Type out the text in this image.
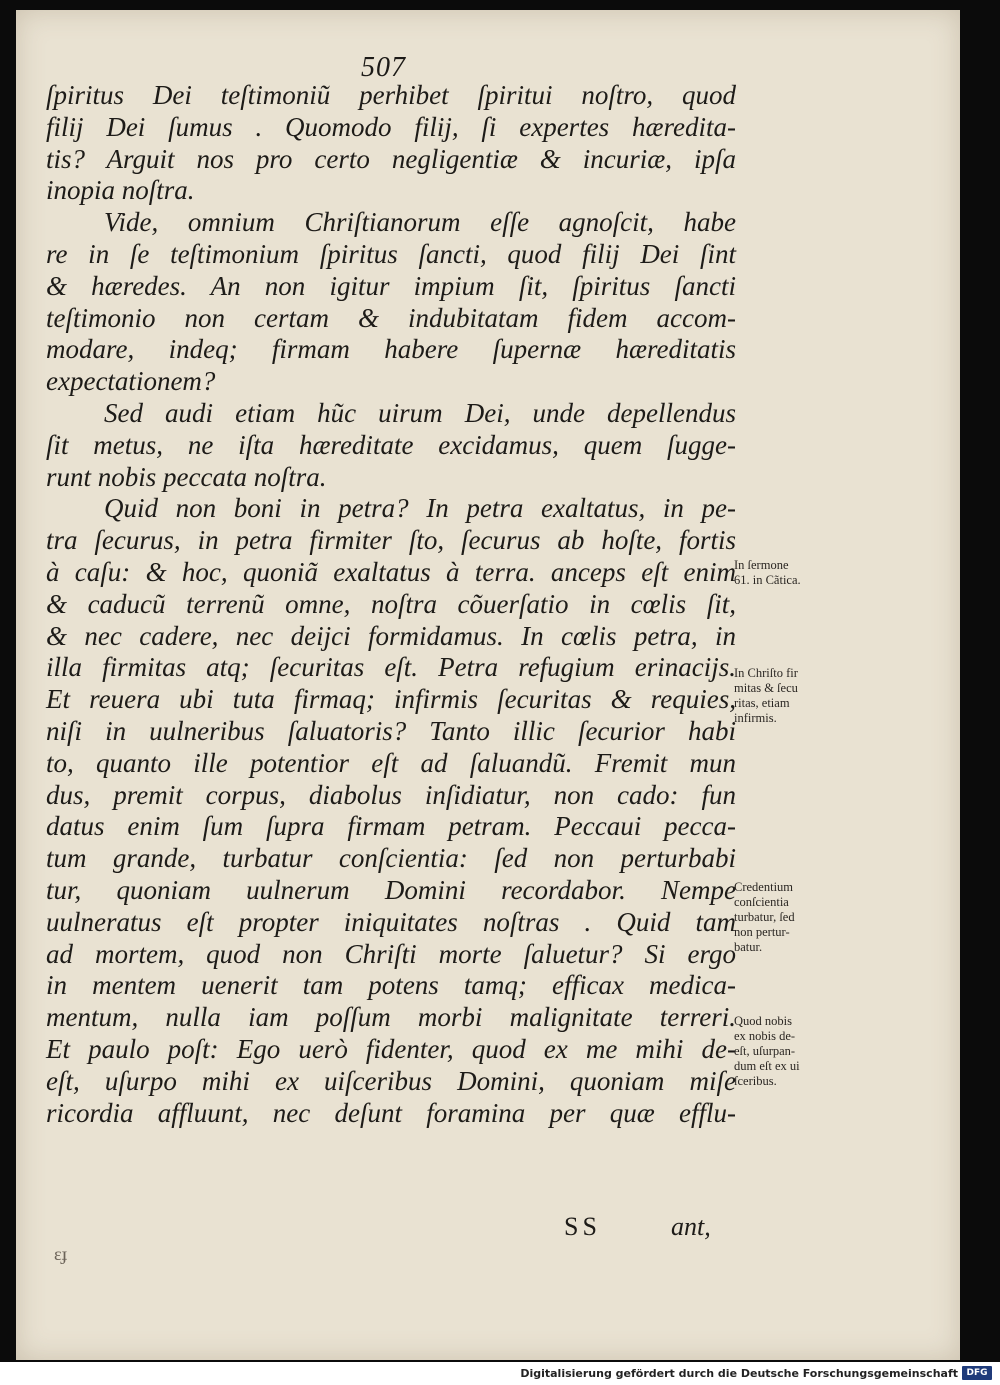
507
ſpiritus Dei teſtimoniũ perhibet ſpiritui noſtro, quod
filij Dei ſumus . Quomodo filij, ſi expertes hæredita-
tis? Arguit nos pro certo negligentiæ & incuriæ, ipſa
inopia noſtra.
Vide, omnium Chriſtianorum eſſe agnoſcit, habe
re in ſe teſtimonium ſpiritus ſancti, quod filij Dei ſint
& hæredes. An non igitur impium ſit, ſpiritus ſancti
teſtimonio non certam & indubitatam fidem accom-
modare, indeq; firmam habere ſupernæ hæreditatis
expectationem?
Sed audi etiam hũc uirum Dei, unde depellendus
ſit metus, ne iſta hæreditate excidamus, quem ſugge-
runt nobis peccata noſtra.
Quid non boni in petra? In petra exaltatus, in pe-
tra ſecurus, in petra firmiter ſto, ſecurus ab hoſte, fortis
à caſu: & hoc, quoniã exaltatus à terra. anceps eſt enim
& caducũ terrenũ omne, noſtra cõuerſatio in cœlis ſit,
& nec cadere, nec deijci formidamus. In cœlis petra, in
illa firmitas atq; ſecuritas eſt. Petra refugium erinacijs.
Et reuera ubi tuta firmaq; infirmis ſecuritas & requies,
niſi in uulneribus ſaluatoris? Tanto illic ſecurior habi
to, quanto ille potentior eſt ad ſaluandũ. Fremit mun
dus, premit corpus, diabolus inſidiatur, non cado: fun
datus enim ſum ſupra firmam petram. Peccaui pecca-
tum grande, turbatur conſcientia: ſed non perturbabi
tur, quoniam uulnerum Domini recordabor. Nempe
uulneratus eſt propter iniquitates noſtras . Quid tam
ad mortem, quod non Chriſti morte ſaluetur? Si ergo
in mentem uenerit tam potens tamq; efficax medica-
mentum, nulla iam poſſum morbi malignitate terreri.
Et paulo poſt: Ego uerò fidenter, quod ex me mihi de-
eſt, uſurpo mihi ex uiſceribus Domini, quoniam miſe
ricordia affluunt, nec deſunt foramina per quæ efflu-
In ſermone
61. in Cãtica.
In Chriſto fir
mitas & ſecu
ritas, etiam
infirmis.
Credentium
conſcientia
turbatur, ſed
non pertur-
batur.
Quod nobis
ex nobis de-
eſt, uſurpan-
dum eſt ex ui
ſceribus.
SS	ant,
ɛɟ
Digitalisierung gefördert durch die Deutsche Forschungsgemeinschaft DFG
